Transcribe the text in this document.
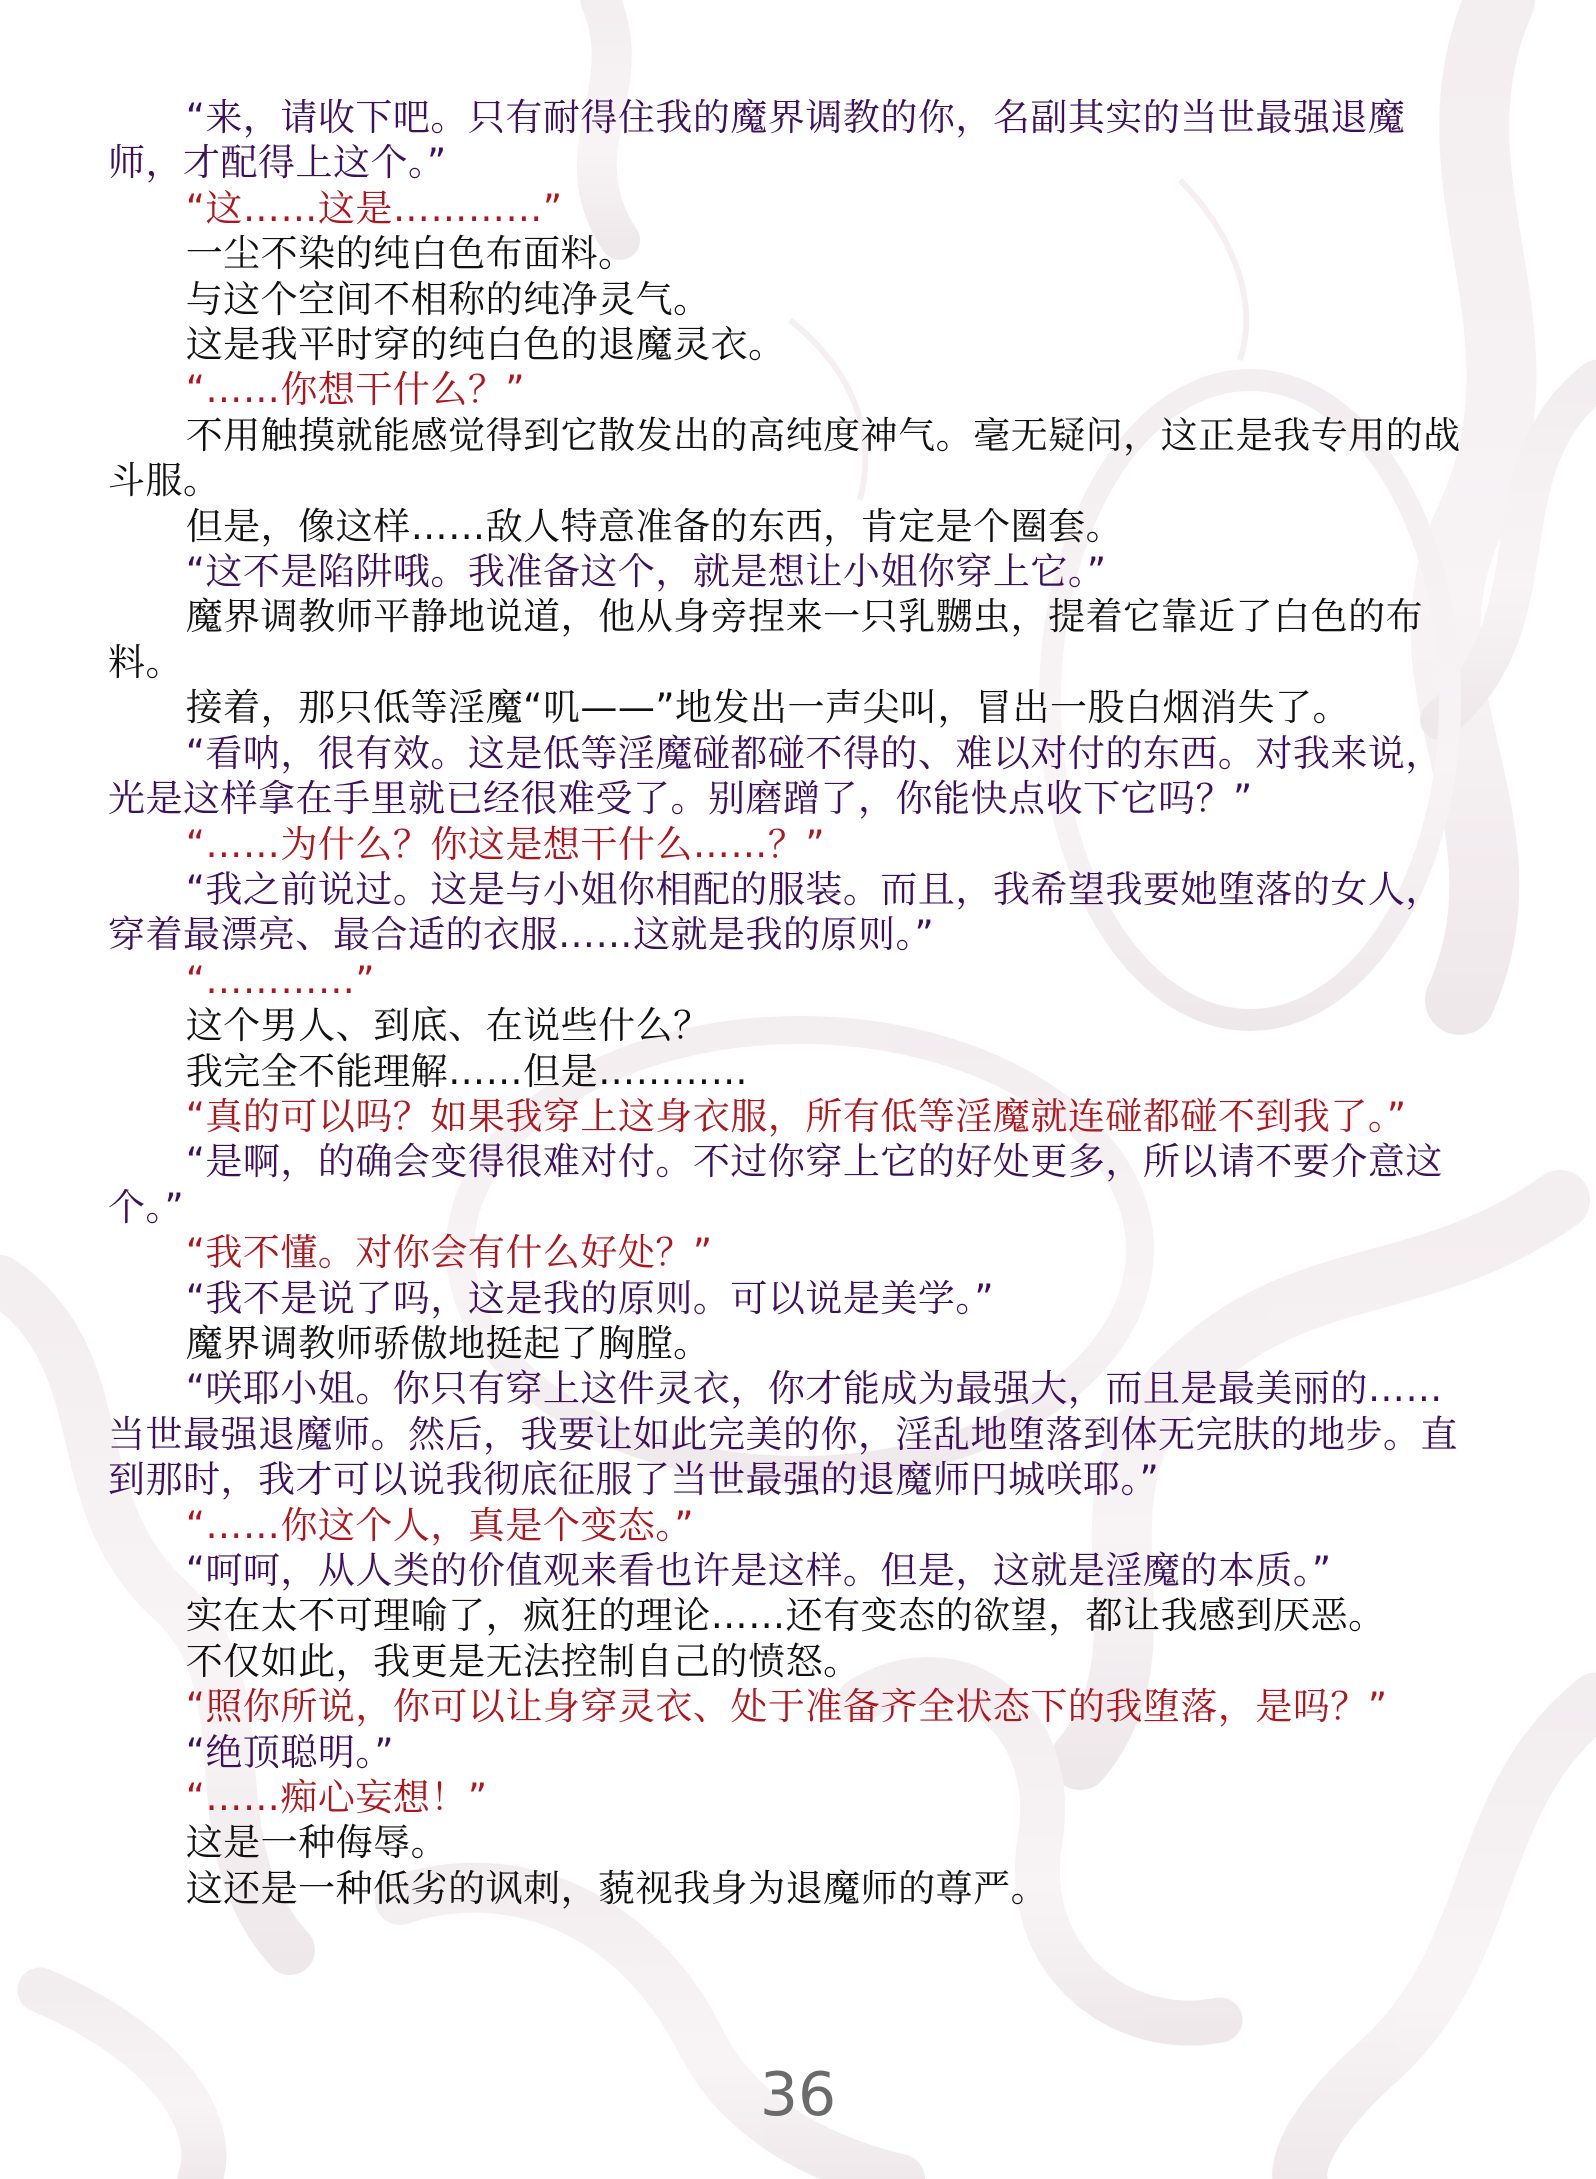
“来，请收下吧。只有耐得住我的魔界调教的你，名副其实的当世最强退魔师，才配得上这个。”

“这……这是…………”

一尘不染的纯白色布面料。

与这个空间不相称的纯净灵气。

这是我平时穿的纯白色的退魔灵衣。

“……你想干什么？”

不用触摸就能感觉得到它散发出的高纯度神气。毫无疑问，这正是我专用的战斗服。

但是，像这样……敌人特意准备的东西，肯定是个圈套。

“这不是陷阱哦。我准备这个，就是想让小姐你穿上它。”

魔界调教师平静地说道，他从身旁捏来一只乳嬲虫，提着它靠近了白色的布料。

接着，那只低等淫魔“叽——”地发出一声尖叫，冒出一股白烟消失了。

“看呐，很有效。这是低等淫魔碰都碰不得的、难以对付的东西。对我来说，光是这样拿在手里就已经很难受了。别磨蹭了，你能快点收下它吗？”

“……为什么？你这是想干什么……？”

“我之前说过。这是与小姐你相配的服装。而且，我希望我要她堕落的女人，穿着最漂亮、最合适的衣服……这就是我的原则。”

“…………”

这个男人、到底、在说些什么？

我完全不能理解……但是…………

“真的可以吗？如果我穿上这身衣服，所有低等淫魔就连碰都碰不到我了。”

“是啊，的确会变得很难对付。不过你穿上它的好处更多，所以请不要介意这个。”

“我不懂。对你会有什么好处？”

“我不是说了吗，这是我的原则。可以说是美学。”

魔界调教师骄傲地挺起了胸膛。

“咲耶小姐。你只有穿上这件灵衣，你才能成为最强大，而且是最美丽的……当世最强退魔师。然后，我要让如此完美的你，淫乱地堕落到体无完肤的地步。直到那时，我才可以说我彻底征服了当世最强的退魔师円城咲耶。”

“……你这个人，真是个变态。”

“呵呵，从人类的价值观来看也许是这样。但是，这就是淫魔的本质。”

实在太不可理喻了，疯狂的理论……还有变态的欲望，都让我感到厌恶。

不仅如此，我更是无法控制自己的愤怒。

“照你所说，你可以让身穿灵衣、处于准备齐全状态下的我堕落，是吗？”

“绝顶聪明。”

“……痴心妄想！”

这是一种侮辱。

这还是一种低劣的讽刺，藐视我身为退魔师的尊严。

36
